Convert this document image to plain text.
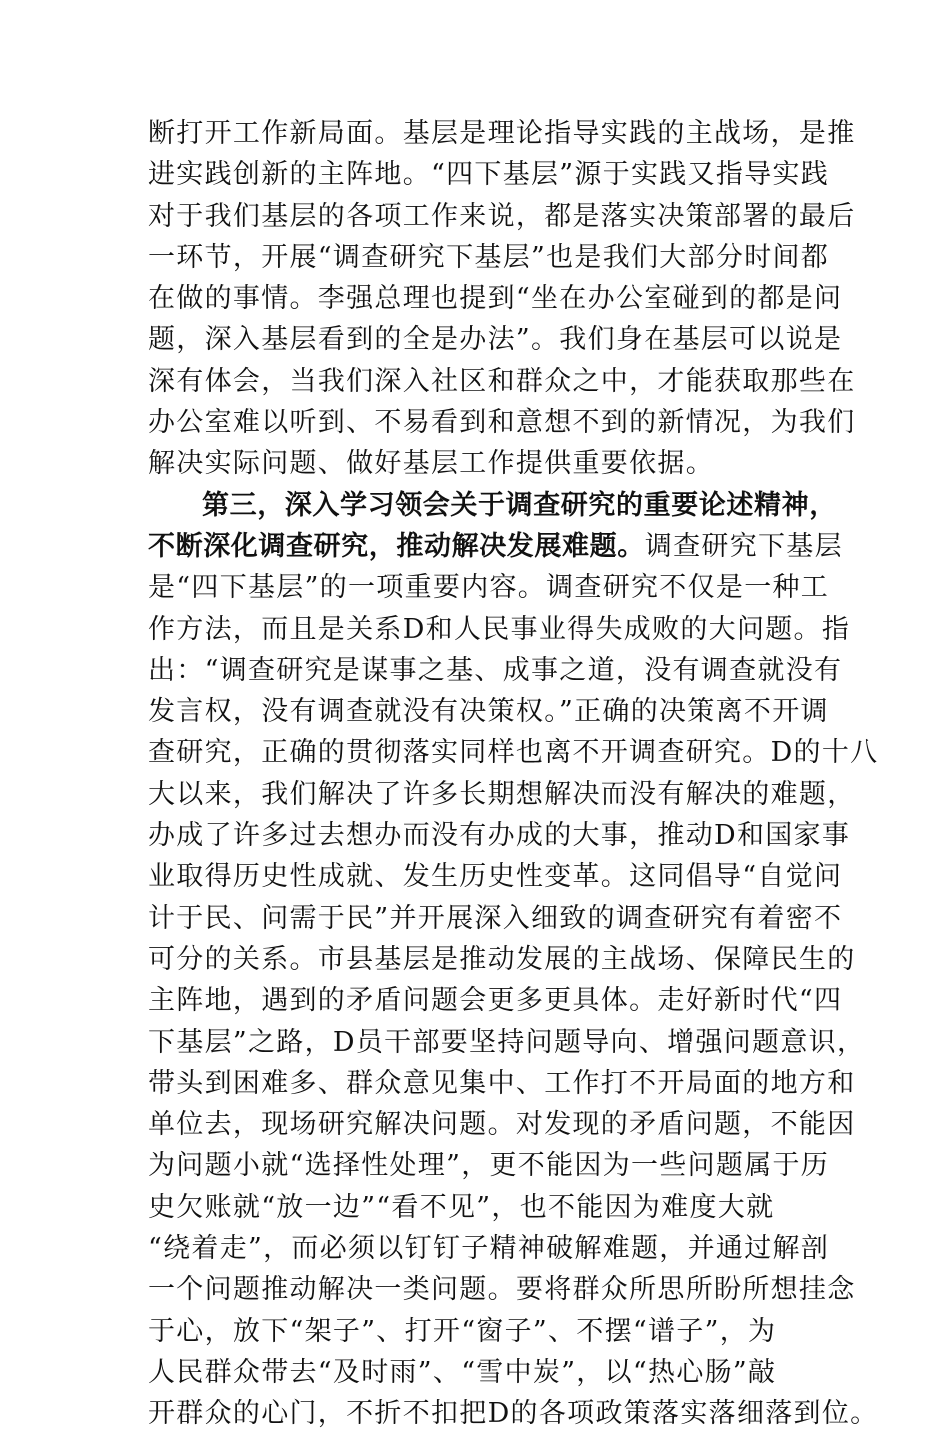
断打开工作新局面。基层是理论指导实践的主战场，是推
进实践创新的主阵地。“四下基层”源于实践又指导实践
对于我们基层的各项工作来说，都是落实决策部署的最后
一环节，开展“调查研究下基层”也是我们大部分时间都
在做的事情。李强总理也提到“坐在办公室碰到的都是问
题，深入基层看到的全是办法”。我们身在基层可以说是
深有体会，当我们深入社区和群众之中，才能获取那些在
办公室难以听到、不易看到和意想不到的新情况，为我们
解决实际问题、做好基层工作提供重要依据。
第三，深入学习领会关于调查研究的重要论述精神，
不断深化调查研究，推动解决发展难题。调查研究下基层
是“四下基层”的一项重要内容。调查研究不仅是一种工
作方法，而且是关系D和人民事业得失成败的大问题。指
出：“调查研究是谋事之基、成事之道，没有调查就没有
发言权，没有调查就没有决策权。”正确的决策离不开调
查研究，正确的贯彻落实同样也离不开调查研究。D的十八
大以来，我们解决了许多长期想解决而没有解决的难题，
办成了许多过去想办而没有办成的大事，推动D和国家事
业取得历史性成就、发生历史性变革。这同倡导“自觉问
计于民、问需于民”并开展深入细致的调查研究有着密不
可分的关系。市县基层是推动发展的主战场、保障民生的
主阵地，遇到的矛盾问题会更多更具体。走好新时代“四
下基层”之路，D员干部要坚持问题导向、增强问题意识，
带头到困难多、群众意见集中、工作打不开局面的地方和
单位去，现场研究解决问题。对发现的矛盾问题，不能因
为问题小就“选择性处理”，更不能因为一些问题属于历
史欠账就“放一边”“看不见”，也不能因为难度大就
“绕着走”，而必须以钉钉子精神破解难题，并通过解剖
一个问题推动解决一类问题。要将群众所思所盼所想挂念
于心，放下“架子”、打开“窗子”、不摆“谱子”，为
人民群众带去“及时雨”、“雪中炭”，以“热心肠”敲
开群众的心门，不折不扣把D的各项政策落实落细落到位。
